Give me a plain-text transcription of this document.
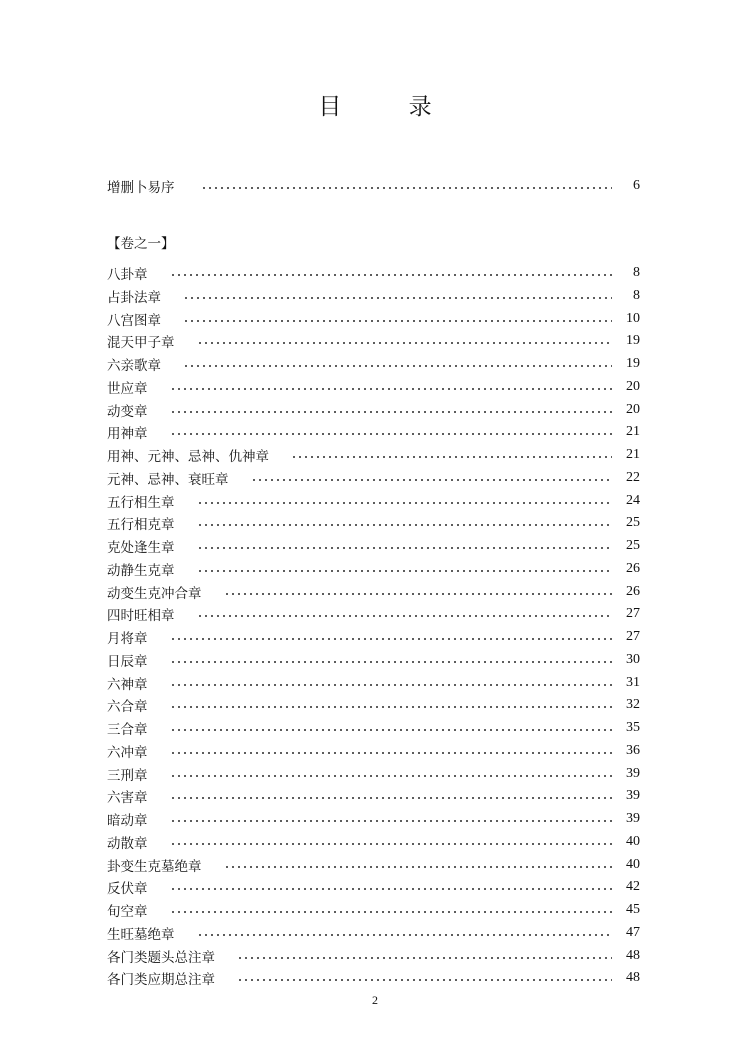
目	录
增删卜易序	6
【卷之一】
八卦章	8
占卦法章	8
八宫图章	10
混天甲子章	19
六亲歌章	19
世应章	20
动变章	20
用神章	21
用神、元神、忌神、仇神章	21
元神、忌神、衰旺章	22
五行相生章	24
五行相克章	25
克处逢生章	25
动静生克章	26
动变生克冲合章	26
四时旺相章	27
月将章	27
日辰章	30
六神章	31
六合章	32
三合章	35
六冲章	36
三刑章	39
六害章	39
暗动章	39
动散章	40
卦变生克墓绝章	40
反伏章	42
旬空章	45
生旺墓绝章	47
各门类题头总注章	48
各门类应期总注章	48
2
